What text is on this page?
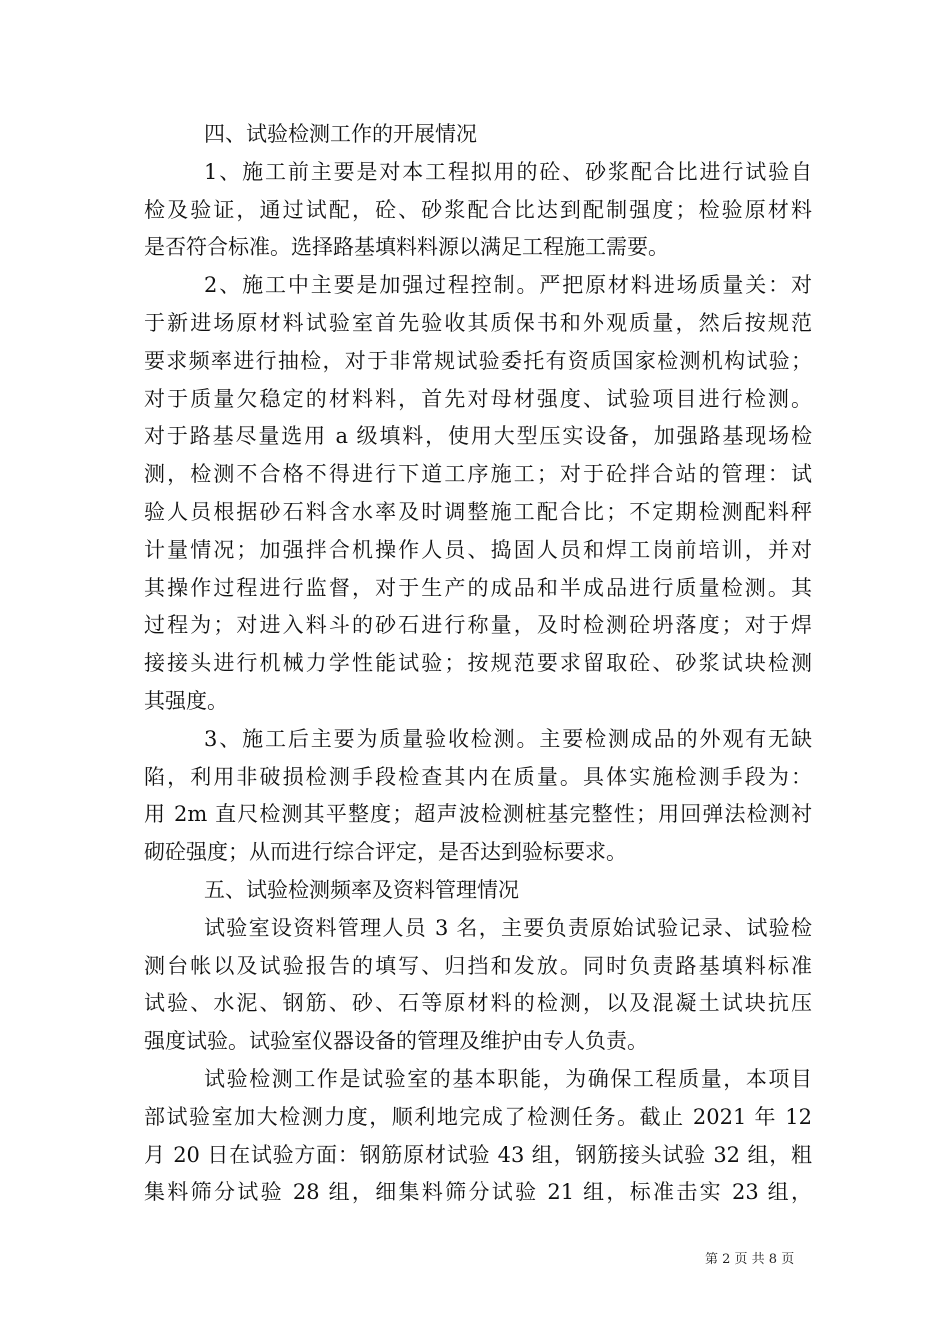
四、试验检测工作的开展情况
1、施工前主要是对本工程拟用的砼、砂浆配合比进行试验自
检及验证，通过试配，砼、砂浆配合比达到配制强度；检验原材料
是否符合标准。选择路基填料料源以满足工程施工需要。
2、施工中主要是加强过程控制。严把原材料进场质量关：对
于新进场原材料试验室首先验收其质保书和外观质量，然后按规范
要求频率进行抽检，对于非常规试验委托有资质国家检测机构试验；
对于质量欠稳定的材料料，首先对母材强度、试验项目进行检测。
对于路基尽量选用 a 级填料，使用大型压实设备，加强路基现场检
测，检测不合格不得进行下道工序施工；对于砼拌合站的管理：试
验人员根据砂石料含水率及时调整施工配合比；不定期检测配料秤
计量情况；加强拌合机操作人员、捣固人员和焊工岗前培训，并对
其操作过程进行监督，对于生产的成品和半成品进行质量检测。其
过程为；对进入料斗的砂石进行称量，及时检测砼坍落度；对于焊
接接头进行机械力学性能试验；按规范要求留取砼、砂浆试块检测
其强度。
3、施工后主要为质量验收检测。主要检测成品的外观有无缺
陷，利用非破损检测手段检查其内在质量。具体实施检测手段为：
用 2m 直尺检测其平整度；超声波检测桩基完整性；用回弹法检测衬
砌砼强度；从而进行综合评定，是否达到验标要求。
五、试验检测频率及资料管理情况
试验室设资料管理人员 3 名，主要负责原始试验记录、试验检
测台帐以及试验报告的填写、归挡和发放。同时负责路基填料标准
试验、水泥、钢筋、砂、石等原材料的检测，以及混凝土试块抗压
强度试验。试验室仪器设备的管理及维护由专人负责。
试验检测工作是试验室的基本职能，为确保工程质量，本项目
部试验室加大检测力度，顺利地完成了检测任务。截止 2021 年 12
月 20 日在试验方面：钢筋原材试验 43 组，钢筋接头试验 32 组，粗
集料筛分试验 28 组，细集料筛分试验 21 组，标准击实 23 组，
第 2 页 共 8 页
